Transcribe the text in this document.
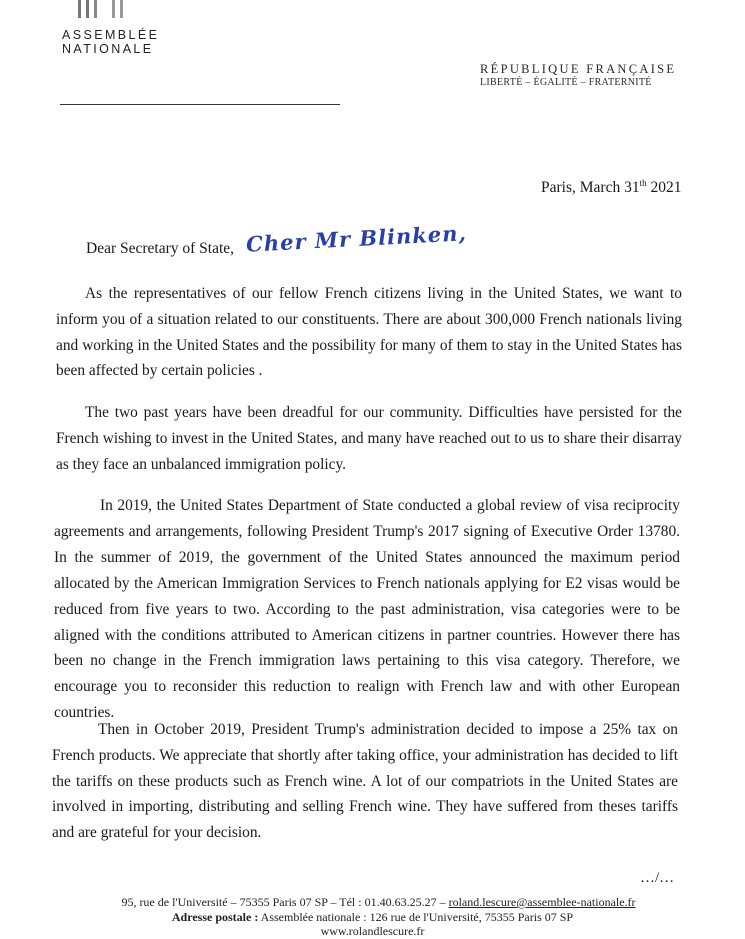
ASSEMBLÉE
NATIONALE
RÉPUBLIQUE FRANÇAISE
LIBERTÉ – ÉGALITÉ – FRATERNITÉ
Paris, March 31th 2021
Dear Secretary of State, Cher Mr Blinken,

As the representatives of our fellow French citizens living in the United States, we want to inform you of a situation related to our constituents. There are about 300,000 French nationals living and working in the United States and the possibility for many of them to stay in the United States has been affected by certain policies .

The two past years have been dreadful for our community. Difficulties have persisted for the French wishing to invest in the United States, and many have reached out to us to share their disarray as they face an unbalanced immigration policy.

In 2019, the United States Department of State conducted a global review of visa reciprocity agreements and arrangements, following President Trump's 2017 signing of Executive Order 13780. In the summer of 2019, the government of the United States announced the maximum period allocated by the American Immigration Services to French nationals applying for E2 visas would be reduced from five years to two. According to the past administration, visa categories were to be aligned with the conditions attributed to American citizens in partner countries. However there has been no change in the French immigration laws pertaining to this visa category. Therefore, we encourage you to reconsider this reduction to realign with French law and with other European countries.

Then in October 2019, President Trump's administration decided to impose a 25% tax on French products. We appreciate that shortly after taking office, your administration has decided to lift the tariffs on these products such as French wine. A lot of our compatriots in the United States are involved in importing, distributing and selling French wine. They have suffered from theses tariffs and are grateful for your decision.

…/…
95, rue de l'Université – 75355 Paris 07 SP – Tél : 01.40.63.25.27 – roland.lescure@assemblee-nationale.fr
Adresse postale : Assemblée nationale : 126 rue de l'Université, 75355 Paris 07 SP
www.rolandlescure.fr
